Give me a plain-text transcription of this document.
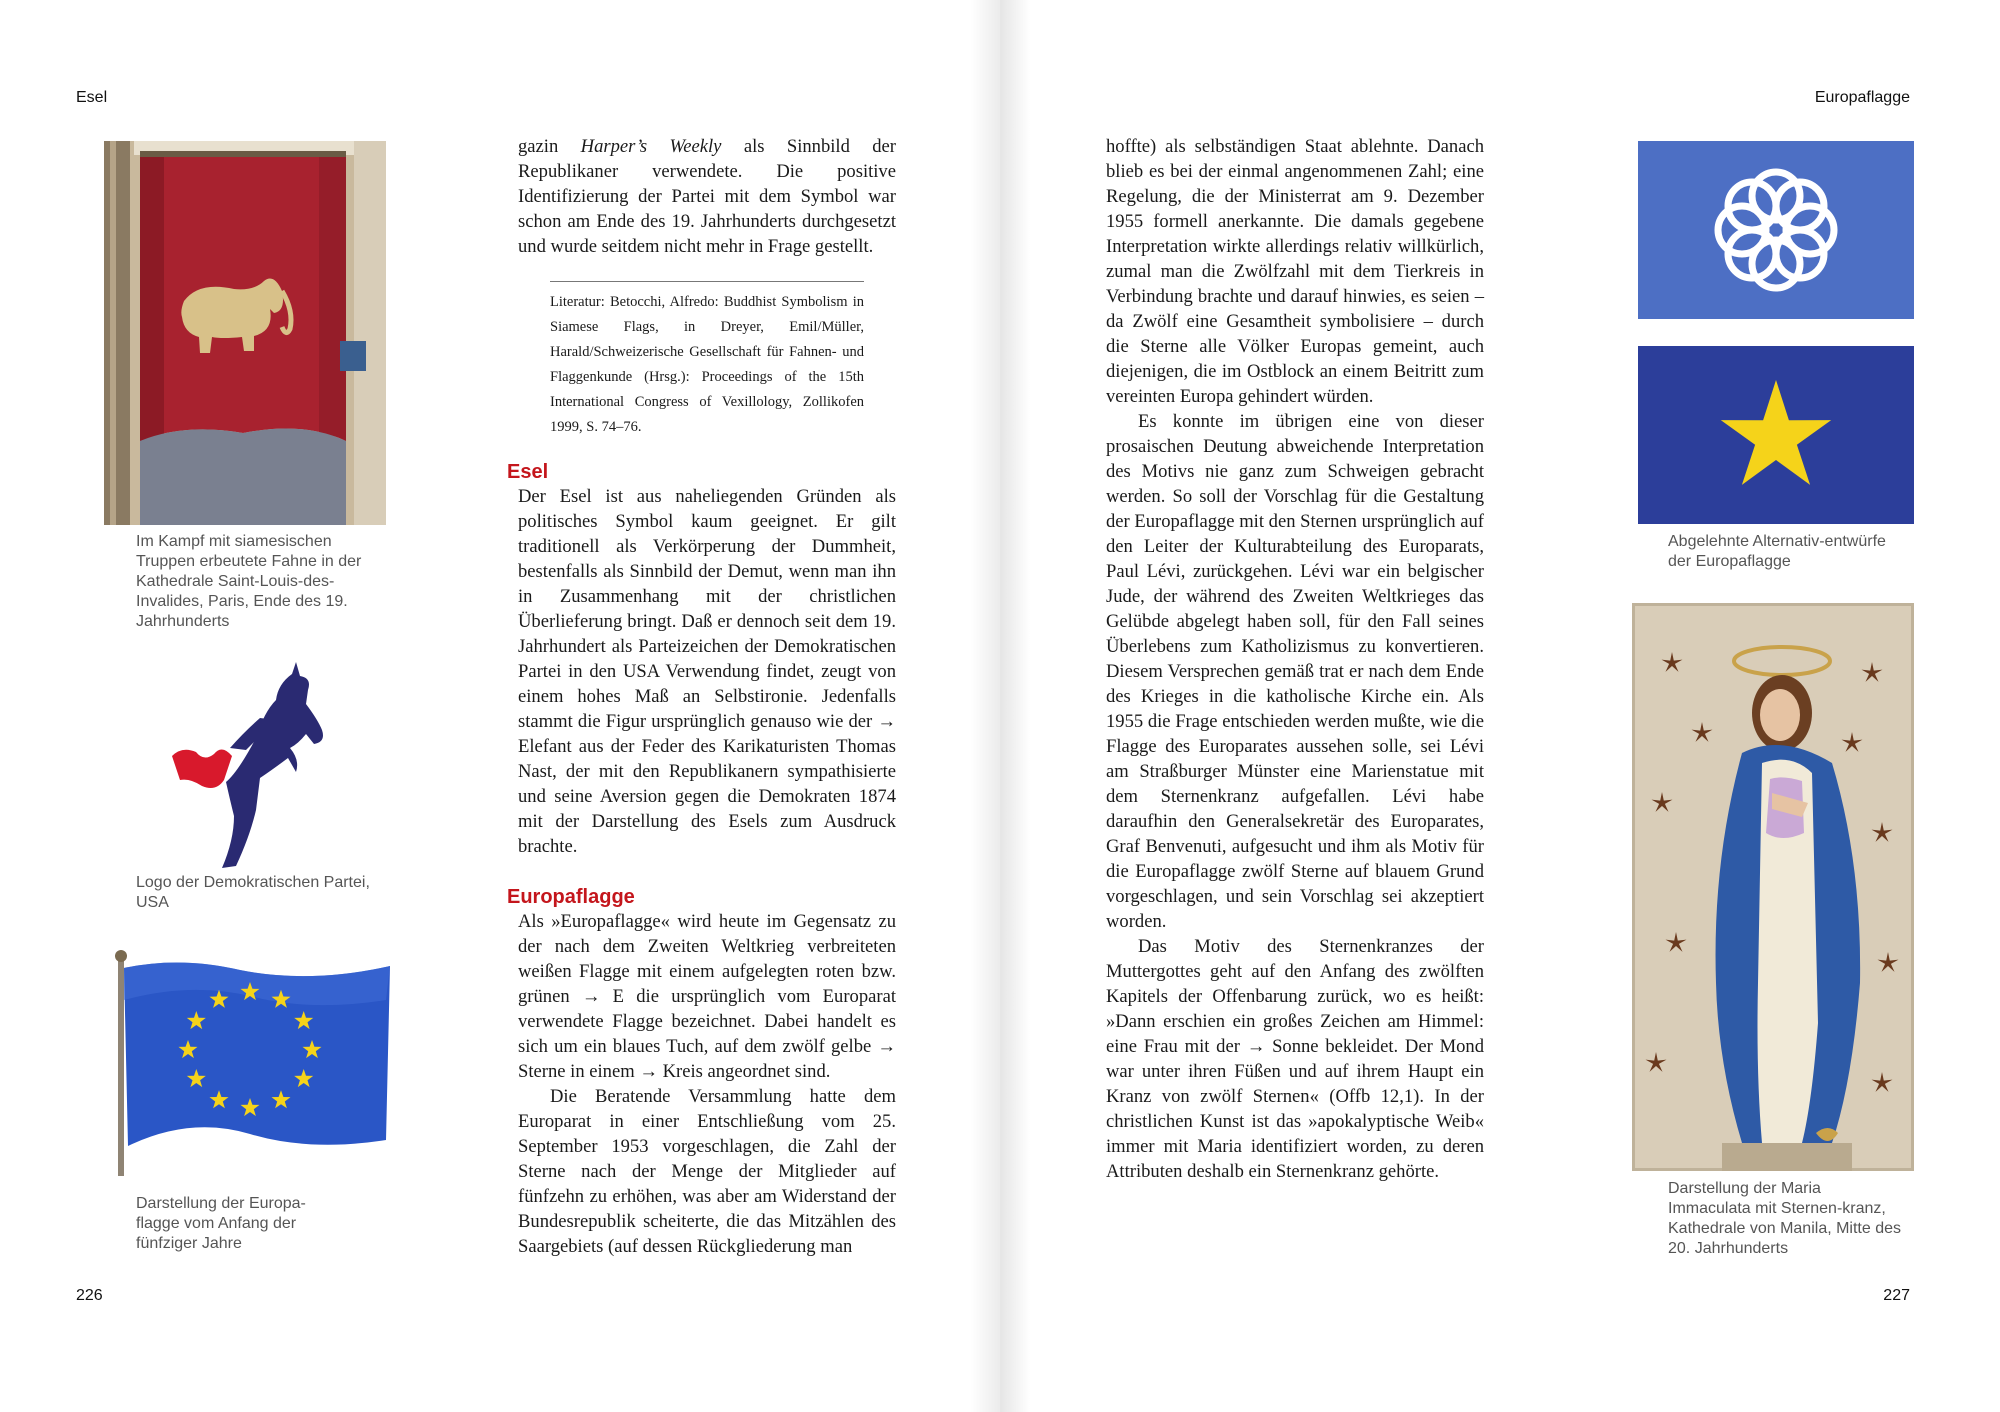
Esel
Im Kampf mit siamesischen Truppen erbeutete Fahne in der Kathedrale Saint-Louis-des-Invalides, Paris, Ende des 19. Jahrhunderts
Logo der Demokratischen Partei, USA
Darstellung der Europa-flagge vom Anfang der fünfziger Jahre

gazin Harper’s Weekly als Sinnbild der Republikaner verwendete. Die positive Identifizierung der Partei mit dem Symbol war schon am Ende des 19. Jahrhunderts durchgesetzt und wurde seitdem nicht mehr in Frage gestellt.

Literatur: Betocchi, Alfredo: Buddhist Symbolism in Siamese Flags, in Dreyer, Emil/Müller, Harald/Schweizerische Gesellschaft für Fahnen- und Flaggenkunde (Hrsg.): Proceedings of the 15th International Congress of Vexillology, Zollikofen 1999, S. 74–76.
Esel

Der Esel ist aus naheliegenden Gründen als politisches Symbol kaum geeignet. Er gilt traditionell als Verkörperung der Dummheit, bestenfalls als Sinnbild der Demut, wenn man ihn in Zusammenhang mit der christlichen Überlieferung bringt. Daß er dennoch seit dem 19. Jahrhundert als Parteizeichen der Demokratischen Partei in den USA Verwendung findet, zeugt von einem hohes Maß an Selbstironie. Jedenfalls stammt die Figur ursprünglich genauso wie der → Elefant aus der Feder des Karikaturisten Thomas Nast, der mit den Republikanern sympathisierte und seine Aversion gegen die Demokraten 1874 mit der Darstellung des Esels zum Ausdruck brachte.

Europaflagge

Als »Europaflagge« wird heute im Gegensatz zu der nach dem Zweiten Weltkrieg verbreiteten weißen Flagge mit einem aufgelegten roten bzw. grünen → E die ursprünglich vom Europarat verwendete Flagge bezeichnet. Dabei handelt es sich um ein blaues Tuch, auf dem zwölf gelbe → Sterne in einem → Kreis angeordnet sind.

Die Beratende Versammlung hatte dem Europarat in einer Entschließung vom 25. September 1953 vorgeschlagen, die Zahl der Sterne nach der Menge der Mitglieder auf fünfzehn zu erhöhen, was aber am Widerstand der Bundesrepublik scheiterte, die das Mitzählen des Saargebiets (auf dessen Rückgliederung man

226
Europaflagge

hoffte) als selbständigen Staat ablehnte. Danach blieb es bei der einmal angenommenen Zahl; eine Regelung, die der Ministerrat am 9. Dezember 1955 formell anerkannte. Die damals gegebene Interpretation wirkte allerdings relativ willkürlich, zumal man die Zwölfzahl mit dem Tierkreis in Verbindung brachte und darauf hinwies, es seien – da Zwölf eine Gesamtheit symbolisiere – durch die Sterne alle Völker Europas gemeint, auch diejenigen, die im Ostblock an einem Beitritt zum vereinten Europa gehindert würden.

Es konnte im übrigen eine von dieser prosaischen Deutung abweichende Interpretation des Motivs nie ganz zum Schweigen gebracht werden. So soll der Vorschlag für die Gestaltung der Europaflagge mit den Sternen ursprünglich auf den Leiter der Kulturabteilung des Europarats, Paul Lévi, zurückgehen. Lévi war ein belgischer Jude, der während des Zweiten Weltkrieges das Gelübde abgelegt haben soll, für den Fall seines Überlebens zum Katholizismus zu konvertieren. Diesem Versprechen gemäß trat er nach dem Ende des Krieges in die katholische Kirche ein. Als 1955 die Frage entschieden werden mußte, wie die Flagge des Europarates aussehen solle, sei Lévi am Straßburger Münster eine Marienstatue mit dem Sternenkranz aufgefallen. Lévi habe daraufhin den Generalsekretär des Europarates, Graf Benvenuti, aufgesucht und ihm als Motiv für die Europaflagge zwölf Sterne auf blauem Grund vorgeschlagen, und sein Vorschlag sei akzeptiert worden.

Das Motiv des Sternenkranzes der Muttergottes geht auf den Anfang des zwölften Kapitels der Offenbarung zurück, wo es heißt: »Dann erschien ein großes Zeichen am Himmel: eine Frau mit der → Sonne bekleidet. Der Mond war unter ihren Füßen und auf ihrem Haupt ein Kranz von zwölf Sternen« (Offb 12,1). In der christlichen Kunst ist das »apokalyptische Weib« immer mit Maria identifiziert worden, zu deren Attributen deshalb ein Sternenkranz gehörte.

Abgelehnte Alternativ-entwürfe der Europaflagge
Darstellung der Maria Immaculata mit Sternen-kranz, Kathedrale von Manila, Mitte des 20. Jahrhunderts
227
